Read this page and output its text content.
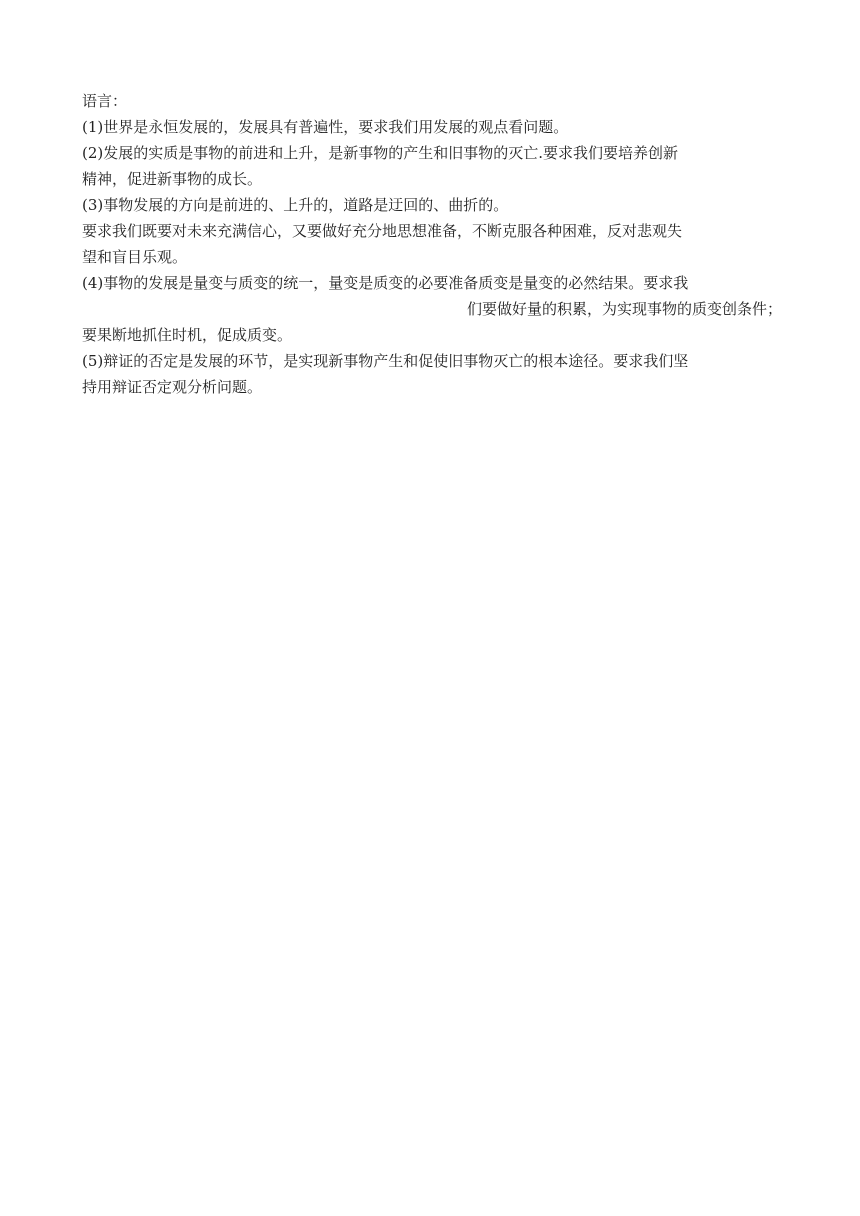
语言：
(1)世界是永恒发展的，发展具有普遍性，要求我们用发展的观点看问题。
(2)发展的实质是事物的前进和上升，是新事物的产生和旧事物的灭亡.要求我们要培养创新
精神，促进新事物的成长。
(3)事物发展的方向是前进的、上升的，道路是迂回的、曲折的。
要求我们既要对未来充满信心，又要做好充分地思想准备，不断克服各种困难，反对悲观失
望和盲目乐观。
(4)事物的发展是量变与质变的统一，量变是质变的必要准备质变是量变的必然结果。要求我
们要做好量的积累，为实现事物的质变创条件；
要果断地抓住时机，促成质变。
(5)辩证的否定是发展的环节，是实现新事物产生和促使旧事物灭亡的根本途径。要求我们坚
持用辩证否定观分析问题。
